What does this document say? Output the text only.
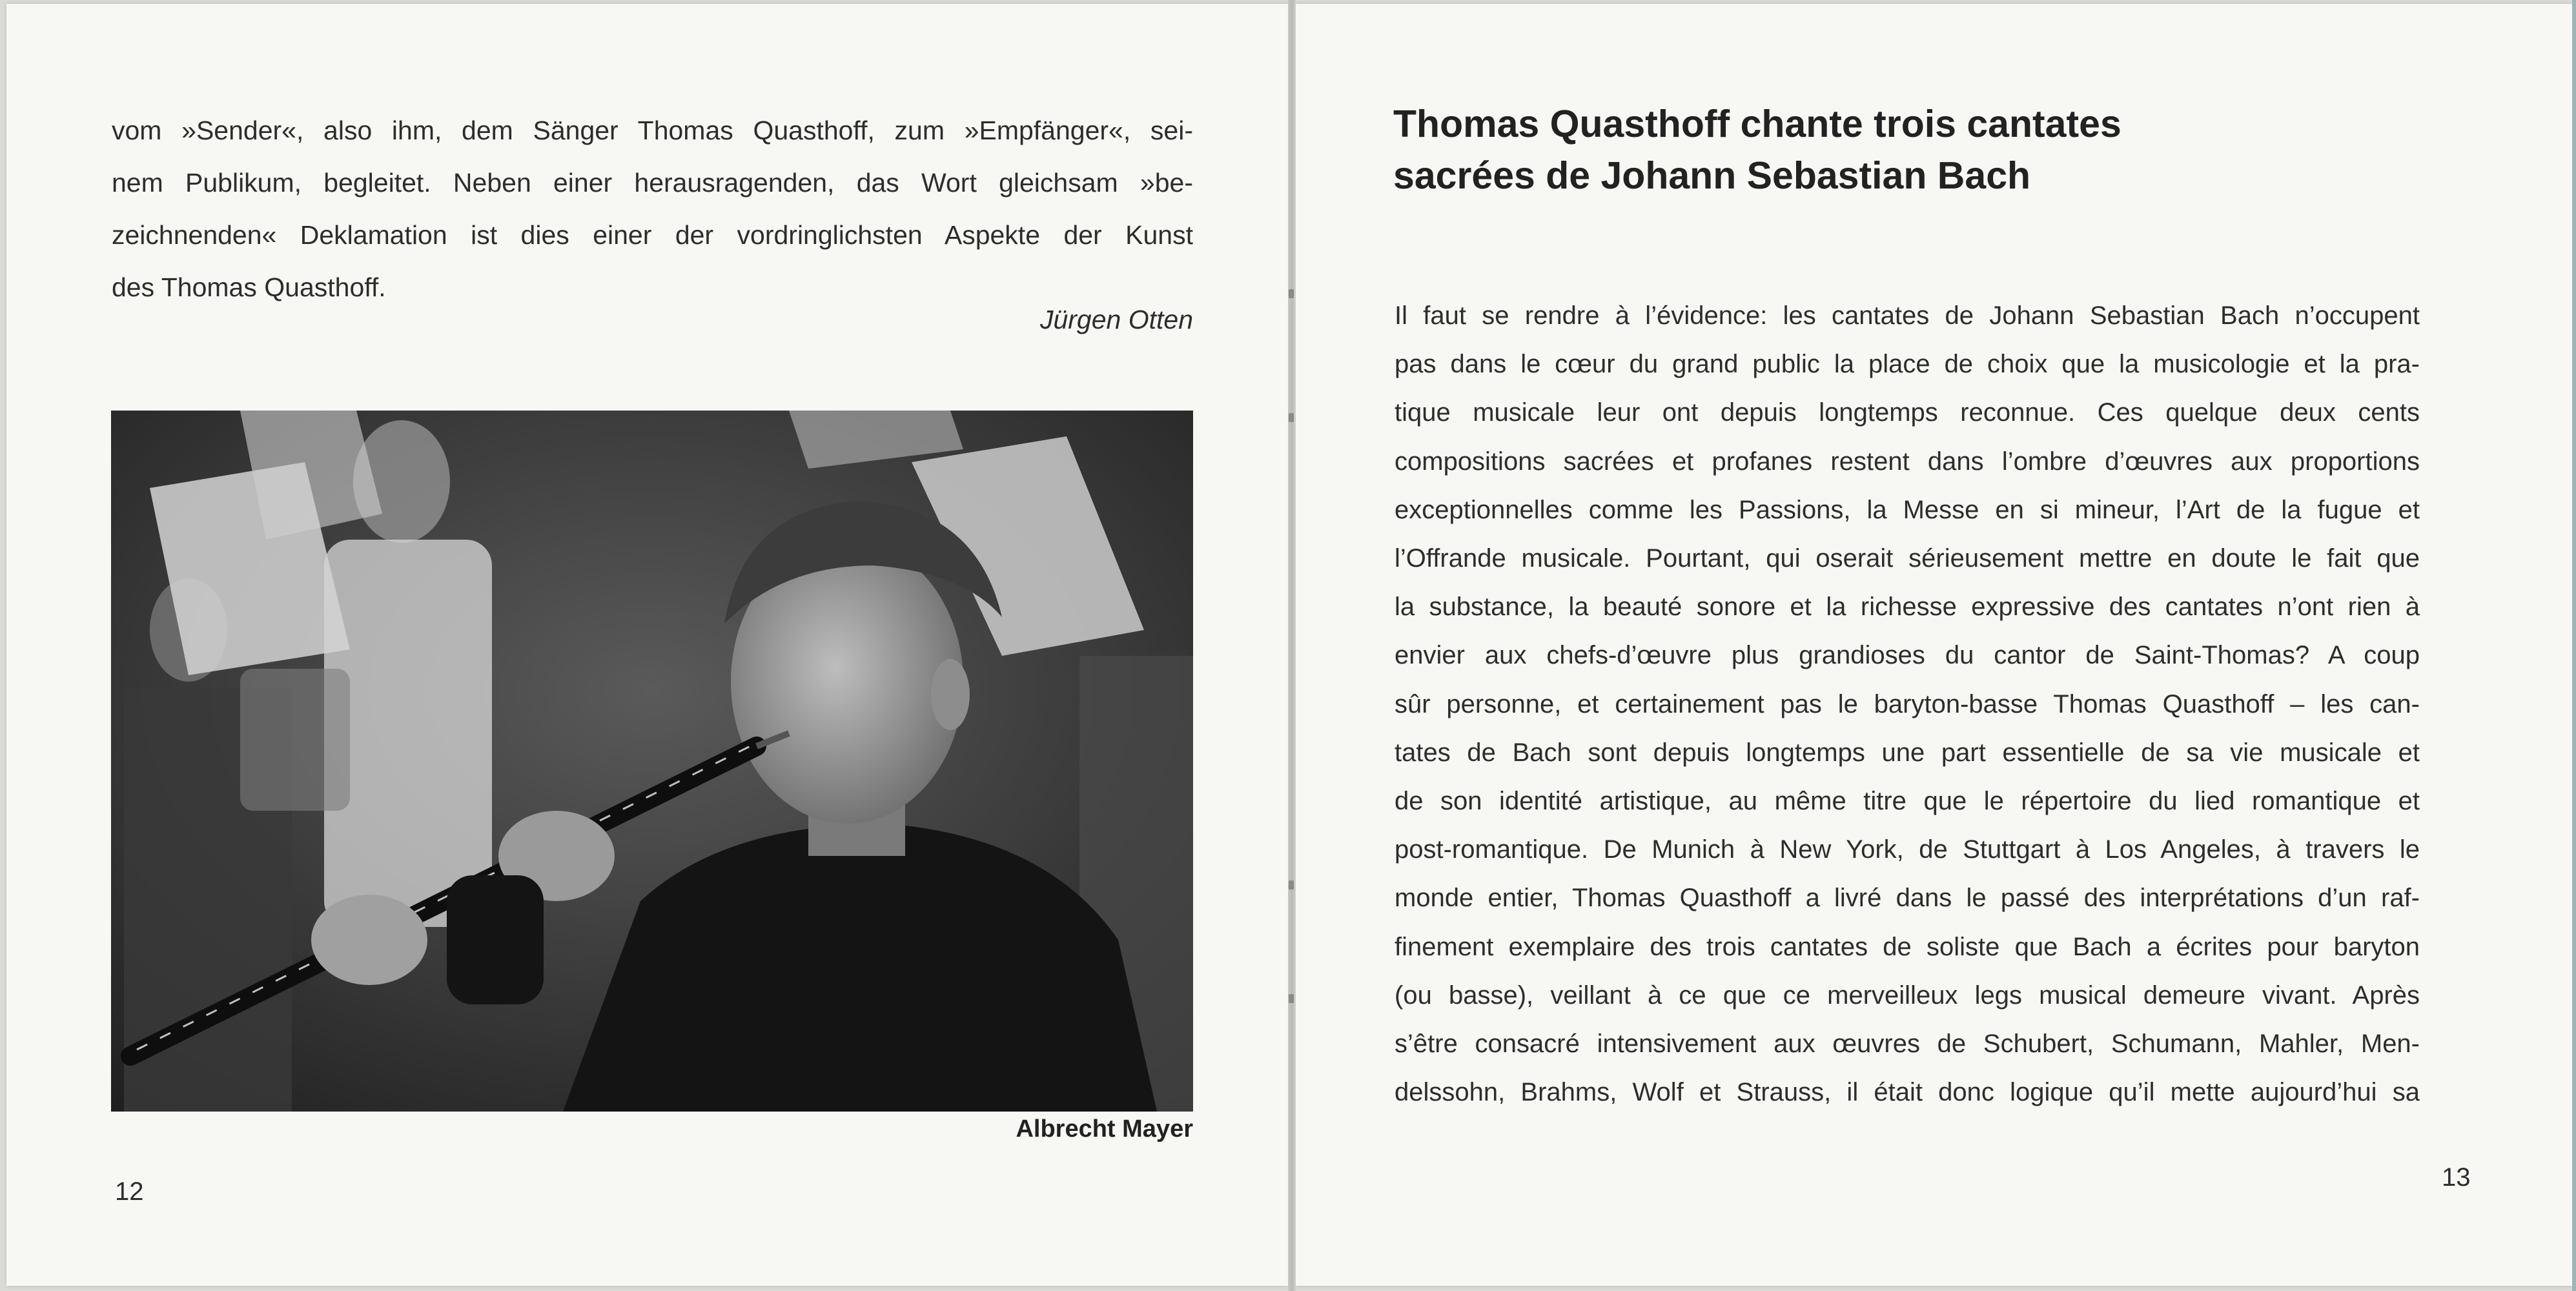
vom »Sender«, also ihm, dem Sänger Thomas Quasthoff, zum »Empfänger«, sei-
nem Publikum, begleitet. Neben einer herausragenden, das Wort gleichsam »be-
zeichnenden« Deklamation ist dies einer der vordringlichsten Aspekte der Kunst
des Thomas Quasthoff.
Jürgen Otten
Albrecht Mayer
12
Thomas Quasthoff chante trois cantates
sacrées de Johann Sebastian Bach
Il faut se rendre à l’évidence: les cantates de Johann Sebastian Bach n’occupent
pas dans le cœur du grand public la place de choix que la musicologie et la pra-
tique musicale leur ont depuis longtemps reconnue. Ces quelque deux cents
compositions sacrées et profanes restent dans l’ombre d’œuvres aux proportions
exceptionnelles comme les Passions, la Messe en si mineur, l’Art de la fugue et
l’Offrande musicale. Pourtant, qui oserait sérieusement mettre en doute le fait que
la substance, la beauté sonore et la richesse expressive des cantates n’ont rien à
envier aux chefs-d’œuvre plus grandioses du cantor de Saint-Thomas? A coup
sûr personne, et certainement pas le baryton-basse Thomas Quasthoff – les can-
tates de Bach sont depuis longtemps une part essentielle de sa vie musicale et
de son identité artistique, au même titre que le répertoire du lied romantique et
post-romantique. De Munich à New York, de Stuttgart à Los Angeles, à travers le
monde entier, Thomas Quasthoff a livré dans le passé des interprétations d’un raf-
finement exemplaire des trois cantates de soliste que Bach a écrites pour baryton
(ou basse), veillant à ce que ce merveilleux legs musical demeure vivant. Après
s’être consacré intensivement aux œuvres de Schubert, Schumann, Mahler, Men-
delssohn, Brahms, Wolf et Strauss, il était donc logique qu’il mette aujourd’hui sa
13
